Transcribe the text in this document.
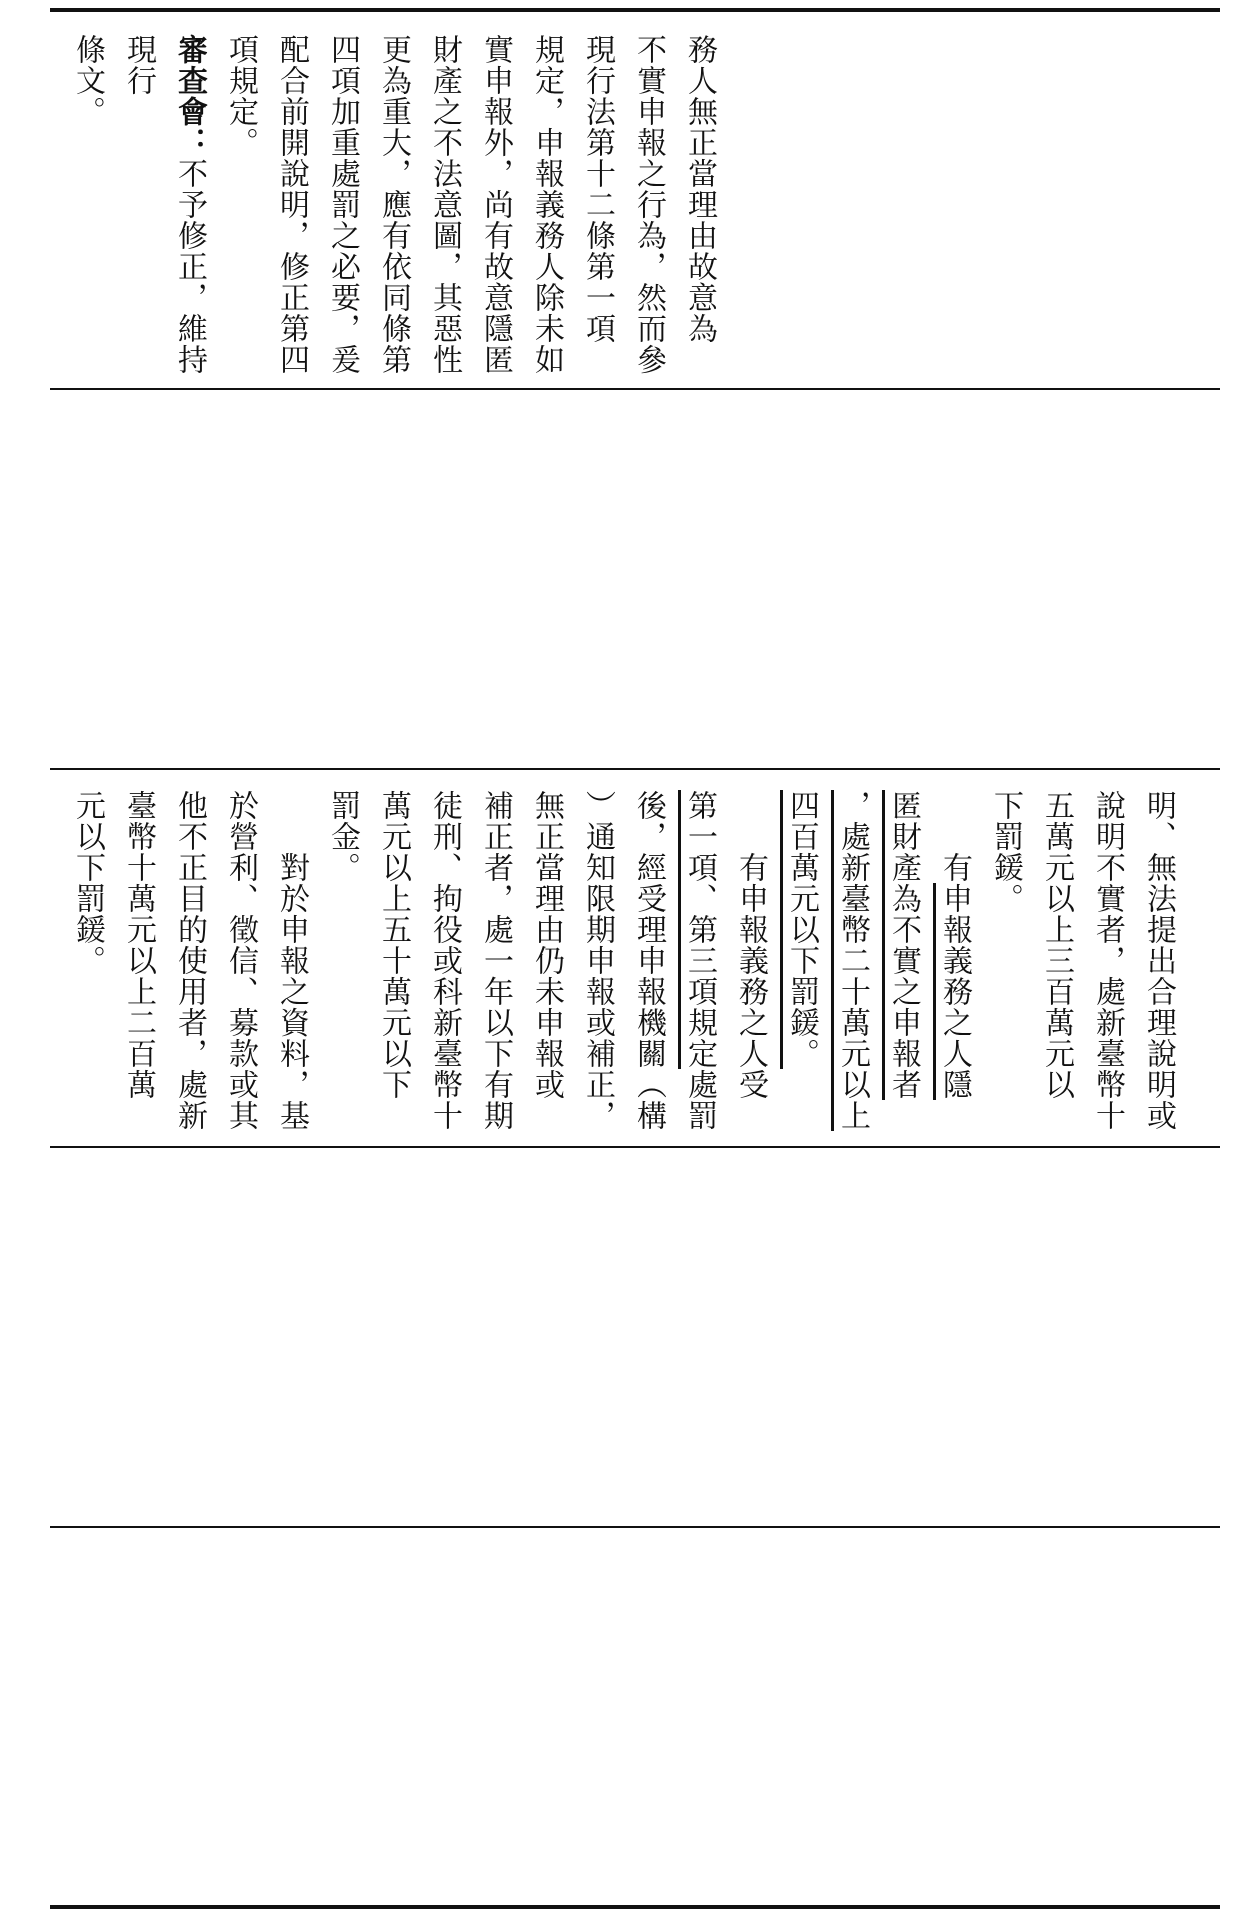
務人無正當理由故意為
不實申報之行為，然而參
現行法第十二條第一項
規定，申報義務人除未如
實申報外，尚有故意隱匿
財產之不法意圖，其惡性
更為重大，應有依同條第
四項加重處罰之必要，爰
配合前開說明，修正第四
項規定。
審查會：不予修正，維持現行
條文。
明、無法提出合理說明或
說明不實者，處新臺幣十
五萬元以上三百萬元以
下罰鍰。
　　有申報義務之人隱
匿財產為不實之申報者
，處新臺幣二十萬元以上
四百萬元以下罰鍰。
　　有申報義務之人受
第一項、第三項規定處罰
後，經受理申報機關（構
）通知限期申報或補正，
無正當理由仍未申報或
補正者，處一年以下有期
徒刑、拘役或科新臺幣十
萬元以上五十萬元以下
罰金。
　　對於申報之資料，基
於營利、徵信、募款或其
他不正目的使用者，處新
臺幣十萬元以上二百萬
元以下罰鍰。
